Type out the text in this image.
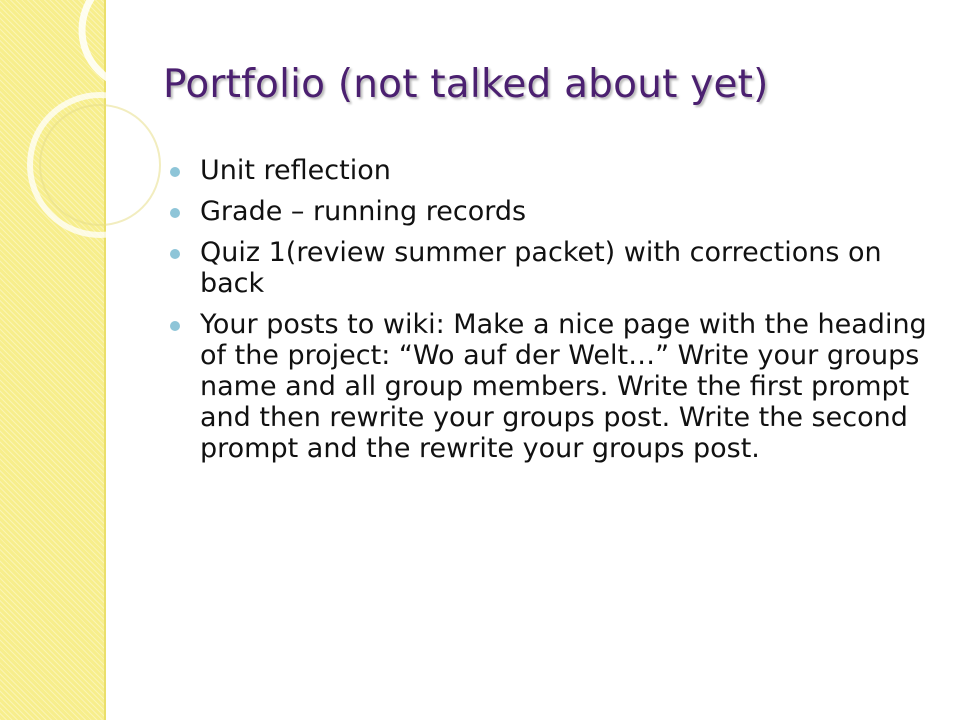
Portfolio (not talked about yet)
Unit reflection
Grade – running records
Quiz 1(review summer packet) with corrections on back
Your posts to wiki: Make a nice page with the heading of the project: “Wo auf der Welt…” Write your groups name and all group members. Write the first prompt and then rewrite your groups post. Write the second prompt and the rewrite your groups post.
